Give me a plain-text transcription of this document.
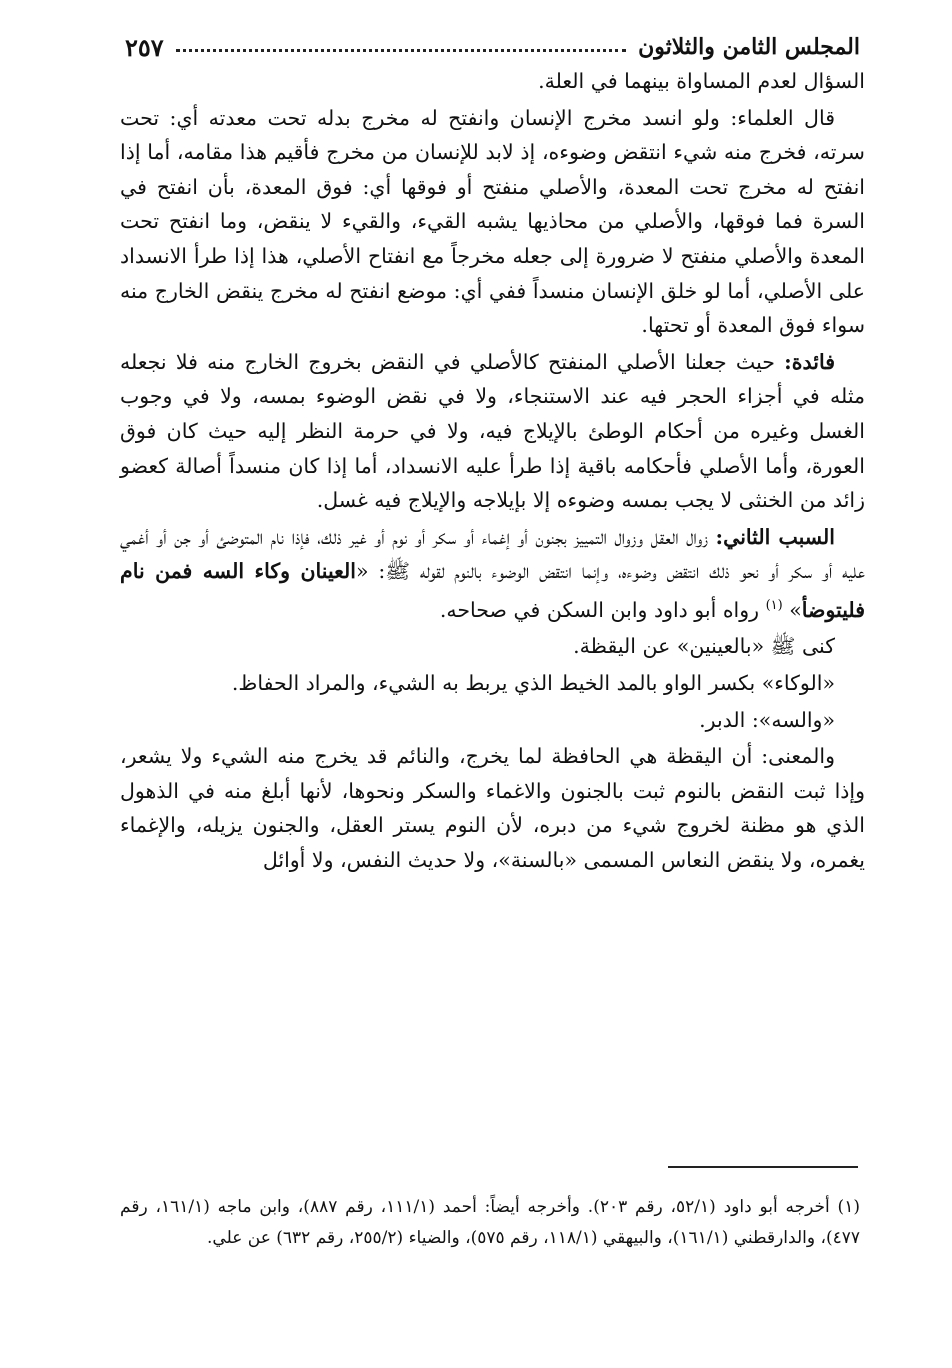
المجلس الثامن والثلاثون
٢٥٧

السؤال لعدم المساواة بينهما في العلة.

قال العلماء: ولو انسد مخرج الإنسان وانفتح له مخرج بدله تحت معدته أي: تحت سرته، فخرج منه شيء انتقض وضوءه، إذ لابد للإنسان من مخرج فأقيم هذا مقامه، أما إذا انفتح له مخرج تحت المعدة، والأصلي منفتح أو فوقها أي: فوق المعدة، بأن انفتح في السرة فما فوقها، والأصلي من محاذيها يشبه القيء، والقيء لا ينقض، وما انفتح تحت المعدة والأصلي منفتح لا ضرورة إلى جعله مخرجاً مع انفتاح الأصلي، هذا إذا طرأ الانسداد على الأصلي، أما لو خلق الإنسان منسداً ففي أي: موضع انفتح له مخرج ينقض الخارج منه سواء فوق المعدة أو تحتها.

فائدة: حيث جعلنا الأصلي المنفتح كالأصلي في النقض بخروج الخارج منه فلا نجعله مثله في أجزاء الحجر فيه عند الاستنجاء، ولا في نقض الوضوء بمسه، ولا في وجوب الغسل وغيره من أحكام الوطئ بالإيلاج فيه، ولا في حرمة النظر إليه حيث كان فوق العورة، وأما الأصلي فأحكامه باقية إذا طرأ عليه الانسداد، أما إذا كان منسداً أصالة كعضو زائد من الخنثى لا يجب بمسه وضوءه إلا بإيلاجه والإيلاج فيه غسل.

السبب الثاني: زوال العقل وزوال التمييز بجنون أو إغماء أو سكر أو نوم أو غير ذلك، فإذا نام المتوضئ أو جن أو أغمي عليه أو سكر أو نحو ذلك انتقض وضوءه، وإنما انتقض الوضوء بالنوم لقوله ﷺ: «العينان وكاء السه فمن نام فليتوضأ» $^{(١)}$ رواه أبو داود وابن السكن في صحاحه.

كنى ﷺ «بالعينين» عن اليقظة.

«الوكاء» بكسر الواو بالمد الخيط الذي يربط به الشيء، والمراد الحفاظ.

«والسه»: الدبر.

والمعنى: أن اليقظة هي الحافظة لما يخرج، والنائم قد يخرج منه الشيء ولا يشعر، وإذا ثبت النقض بالنوم ثبت بالجنون والاغماء والسكر ونحوها، لأنها أبلغ منه في الذهول الذي هو مظنة لخروج شيء من دبره، لأن النوم يستر العقل، والجنون يزيله، والإغماء يغمره، ولا ينقض النعاس المسمى «بالسنة»، ولا حديث النفس، ولا أوائل

(١) أخرجه أبو داود (٥٢/١، رقم ٢٠٣). وأخرجه أيضاً: أحمد (١١١/١، رقم ٨٨٧)، وابن ماجه (١٦١/١، رقم ٤٧٧)، والدارقطني (١٦١/١)، والبيهقي (١١٨/١، رقم ٥٧٥)، والضياء (٢٥٥/٢، رقم ٦٣٢) عن علي.
